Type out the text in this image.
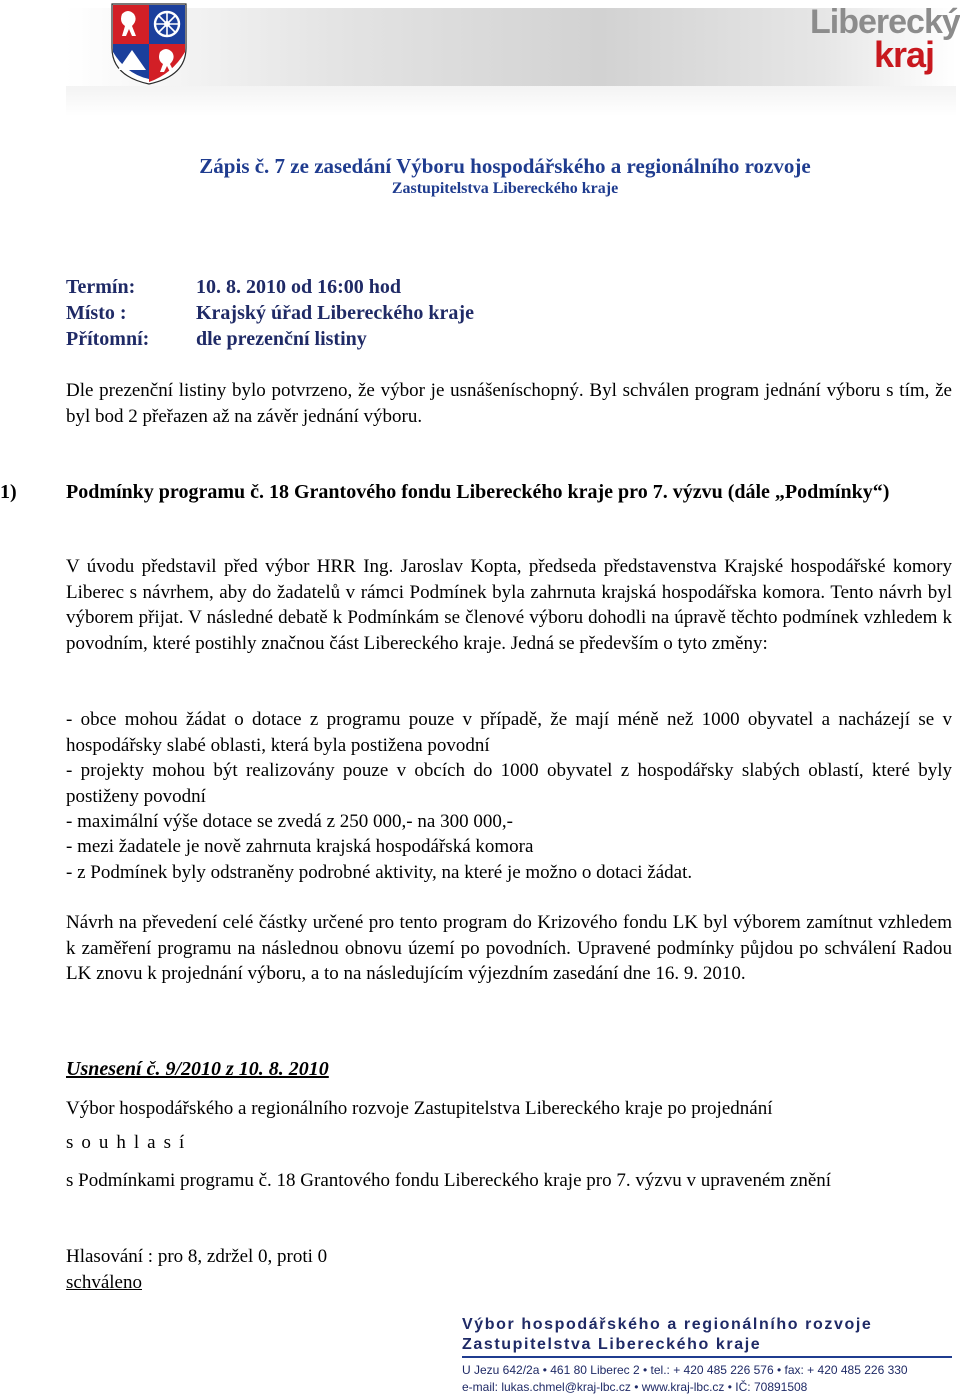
Liberecký
kraj
Zápis č. 7 ze zasedání Výboru hospodářského a regionálního rozvoje
Zastupitelstva Libereckého kraje
Termín:	10. 8. 2010 od 16:00 hod
Místo :	Krajský úřad Libereckého kraje
Přítomní: dle prezenční listiny

Dle prezenční listiny bylo potvrzeno, že výbor je usnášeníschopný. Byl schválen program jednání výboru s tím, že byl bod 2 přeřazen až na závěr jednání výboru.

1) Podmínky programu č. 18 Grantového fondu Libereckého kraje pro 7. výzvu (dále „Podmínky“)

V úvodu představil před výbor HRR Ing. Jaroslav Kopta, předseda představenstva Krajské hospodářské komory Liberec s návrhem, aby do žadatelů v rámci Podmínek byla zahrnuta krajská hospodářska komora. Tento návrh byl výborem přijat. V následné debatě k Podmínkám se členové výboru dohodli na úpravě těchto podmínek vzhledem k povodním, které postihly značnou část Libereckého kraje. Jedná se především o tyto změny:

- obce mohou žádat o dotace z programu pouze v případě, že mají méně než 1000 obyvatel a nacházejí se v hospodářsky slabé oblasti, která byla postižena povodní

- projekty mohou být realizovány pouze v obcích do 1000 obyvatel z hospodářsky slabých oblastí, které byly postiženy povodní

- maximální výše dotace se zvedá z 250 000,- na 300 000,-

- mezi žadatele je nově zahrnuta krajská hospodářská komora

- z Podmínek byly odstraněny podrobné aktivity, na které je možno o dotaci žádat.

Návrh na převedení celé částky určené pro tento program do Krizového fondu LK byl výborem zamítnut vzhledem k zaměření programu na následnou obnovu území po povodních. Upravené podmínky půjdou po schválení Radou LK znovu k projednání výboru, a to na následujícím výjezdním zasedání dne 16. 9. 2010.

Usnesení č. 9/2010 z 10. 8. 2010

Výbor hospodářského a regionálního rozvoje Zastupitelstva Libereckého kraje po projednání

souhlasí

s Podmínkami programu č. 18 Grantového fondu Libereckého kraje pro 7. výzvu v upraveném znění

Hlasování : pro 8, zdržel 0, proti 0

schváleno

Výbor hospodářského a regionálního rozvoje
Zastupitelstva Libereckého kraje
U Jezu 642/2a • 461 80 Liberec 2 • tel.: + 420 485 226 576 • fax: + 420 485 226 330
e-mail: lukas.chmel@kraj-lbc.cz • www.kraj-lbc.cz • IČ: 70891508
